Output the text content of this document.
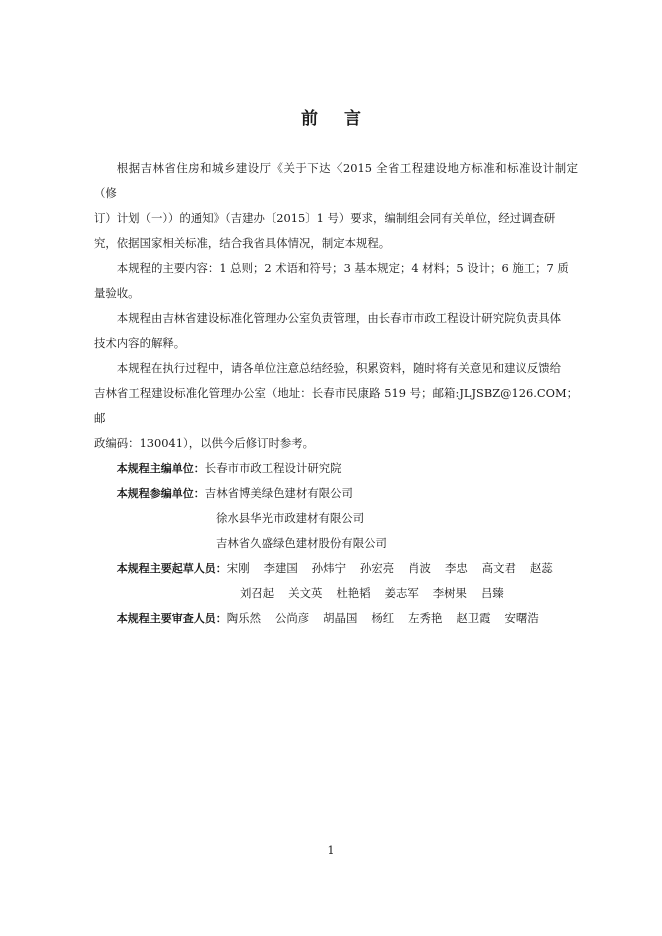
前 言

根据吉林省住房和城乡建设厅《关于下达〈2015 全省工程建设地方标准和标准设计制定（修
订）计划（一））的通知》（吉建办〔2015〕1 号）要求，编制组会同有关单位，经过调查研
究，依据国家相关标准，结合我省具体情况，制定本规程。

本规程的主要内容：1 总则；2 术语和符号；3 基本规定；4 材料；5 设计；6 施工；7 质
量验收。

本规程由吉林省建设标准化管理办公室负责管理，由长春市市政工程设计研究院负责具体
技术内容的解释。

本规程在执行过程中，请各单位注意总结经验，积累资料，随时将有关意见和建议反馈给
吉林省工程建设标准化管理办公室（地址：长春市民康路 519 号；邮箱:JLJSBZ@126.COM；邮
政编码：130041），以供今后修订时参考。

本规程主编单位： 长春市市政工程设计研究院
本规程参编单位： 吉林省博美绿色建材有限公司
徐水县华光市政建材有限公司
吉林省久盛绿色建材股份有限公司
本规程主要起草人员： 宋刚 李建国 孙炜宁 孙宏亮 肖波 李忠 高文君 赵蕊
刘召起 关文英 杜艳韬 姜志军 李树果 吕臻
本规程主要审查人员： 陶乐然 公尚彦 胡晶国 杨红 左秀艳 赵卫霞 安曙浩
1
